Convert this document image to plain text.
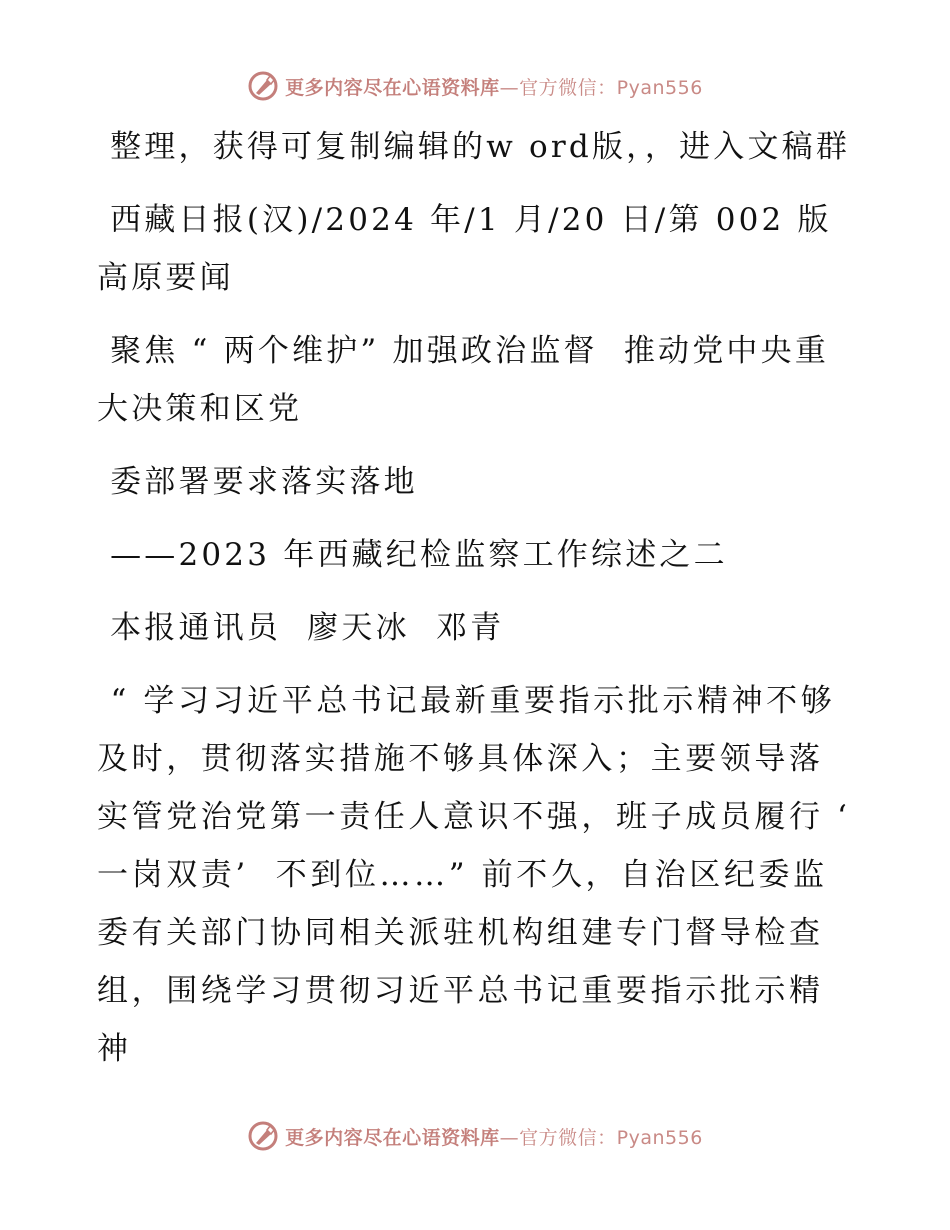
更多内容尽在心语资料库—官方微信：Pyan556

整理，获得可复制编辑的w ord版，，进入文稿群

西藏日报(汉)/2024 年/1 月/20 日/第 002 版高原要闻

聚焦 “ 两个维护” 加强政治监督  推动党中央重大决策和区党

委部署要求落实落地

——2023 年西藏纪检监察工作综述之二

本报通讯员  廖天冰  邓青

“ 学习习近平总书记最新重要指示批示精神不够及时，贯彻落实措施不够具体深入；主要领导落实管党治党第一责任人意识不强，班子成员履行 ‘ 一岗双责’  不到位……” 前不久，自治区纪委监委有关部门协同相关派驻机构组建专门督导检查组，围绕学习贯彻习近平总书记重要指示批示精神

更多内容尽在心语资料库—官方微信：Pyan556
